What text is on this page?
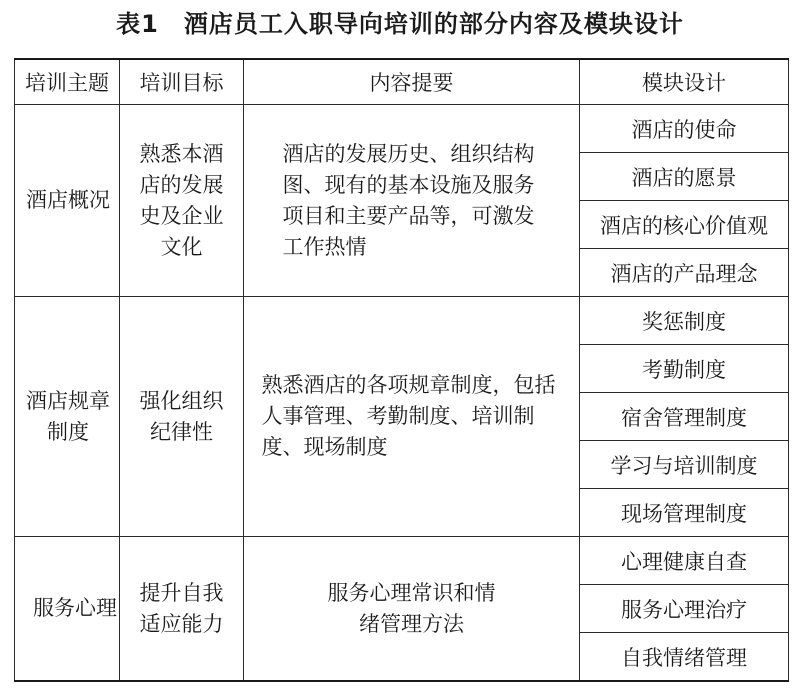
表1　酒店员工入职导向培训的部分内容及模块设计
培训主题	培训目标	内容提要	模块设计

酒店概况	熟悉本酒店的发展史及企业文化	酒店的发展历史、组织结构图、现有的基本设施及服务项目和主要产品等，可激发工作热情	酒店的使命
			酒店的愿景
			酒店的核心价值观
			酒店的产品理念

酒店规章制度	强化组织纪律性	熟悉酒店的各项规章制度，包括人事管理、考勤制度、培训制度、现场制度	奖惩制度
			考勤制度
			宿舍管理制度
			学习与培训制度
			现场管理制度

服务心理	提升自我适应能力	服务心理常识和情绪管理方法	心理健康自查
			服务心理治疗
			自我情绪管理
